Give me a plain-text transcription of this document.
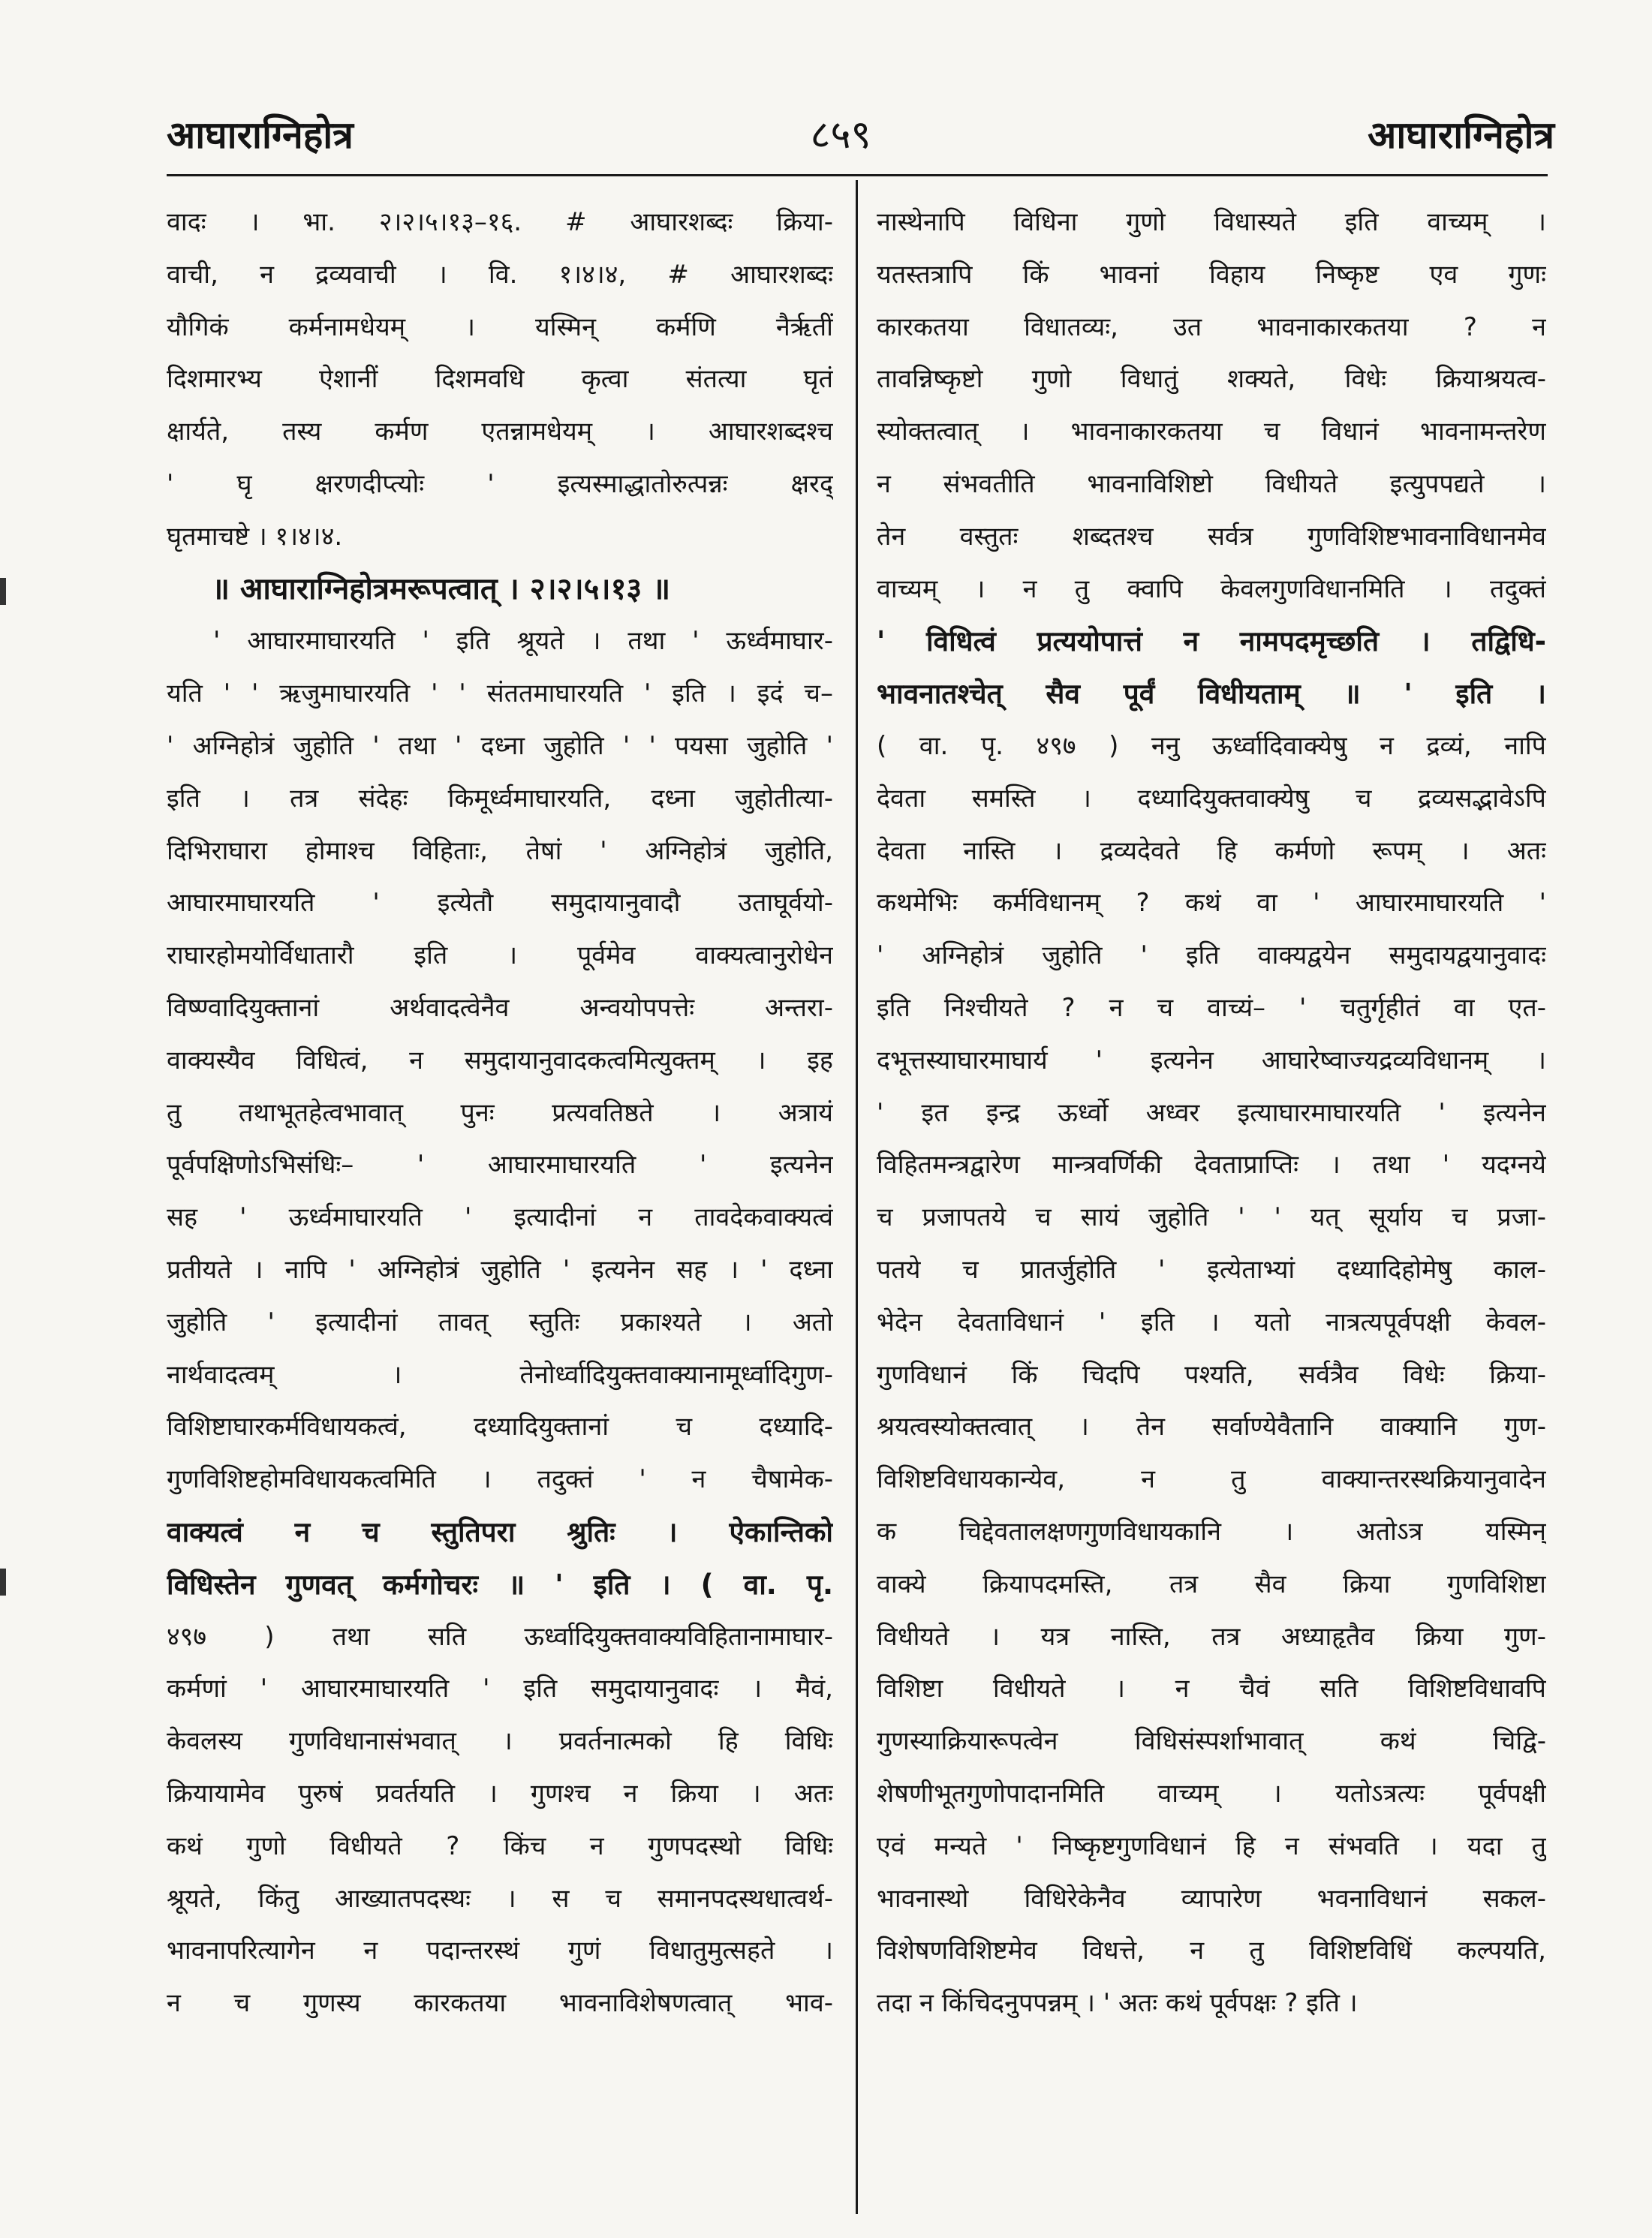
आघाराग्निहोत्र	८५९	आघाराग्निहोत्र
वादः । भा. २।२।५।१३–१६. # आघारशब्दः क्रिया-
वाची, न द्रव्यवाची । वि. १।४।४, # आघारशब्दः
यौगिकं कर्मनामधेयम् । यस्मिन् कर्मणि नैर्ऋतीं
दिशमारभ्य ऐशानीं दिशमवधि कृत्वा संतत्या घृतं
क्षार्यते, तस्य कर्मण एतन्नामधेयम् । आघारशब्दश्च
' घृ क्षरणदीप्त्योः ' इत्यस्माद्धातोरुत्पन्नः क्षरद्
घृतमाचष्टे । १।४।४.
॥ आघाराग्निहोत्रमरूपत्वात् । २।२।५।१३ ॥
' आघारमाघारयति ' इति श्रूयते । तथा ' ऊर्ध्वमाघार-
यति ' ' ऋजुमाघारयति ' ' संततमाघारयति ' इति । इदं च–
' अग्निहोत्रं जुहोति ' तथा ' दध्ना जुहोति ' ' पयसा जुहोति '
इति । तत्र संदेहः किमूर्ध्वमाघारयति, दध्ना जुहोतीत्या-
दिभिराघारा होमाश्च विहिताः, तेषां ' अग्निहोत्रं जुहोति,
आघारमाघारयति ' इत्येतौ समुदायानुवादौ उताघूर्वयो-
राघारहोमयोर्विधातारौ इति । पूर्वमेव वाक्यत्वानुरोधेन
विष्ण्वादियुक्तानां अर्थवादत्वेनैव अन्वयोपपत्तेः अन्तरा-
वाक्यस्यैव विधित्वं, न समुदायानुवादकत्वमित्युक्तम् । इह
तु तथाभूतहेत्वभावात् पुनः प्रत्यवतिष्ठते । अत्रायं
पूर्वपक्षिणोऽभिसंधिः– ' आघारमाघारयति ' इत्यनेन
सह ' ऊर्ध्वमाघारयति ' इत्यादीनां न तावदेकवाक्यत्वं
प्रतीयते । नापि ' अग्निहोत्रं जुहोति ' इत्यनेन सह । ' दध्ना
जुहोति ' इत्यादीनां तावत् स्तुतिः प्रकाश्यते । अतो
नार्थवादत्वम् । तेनोर्ध्वादियुक्तवाक्यानामूर्ध्वादिगुण-
विशिष्टाघारकर्मविधायकत्वं, दध्यादियुक्तानां च दध्यादि-
गुणविशिष्टहोमविधायकत्वमिति । तदुक्तं ' न चैषामेक-
वाक्यत्वं न च स्तुतिपरा श्रुतिः । ऐकान्तिको
विधिस्तेन गुणवत् कर्मगोचरः ॥ ' इति । ( वा. पृ.
४९७ ) तथा सति ऊर्ध्वादियुक्तवाक्यविहितानामाघार-
कर्मणां ' आघारमाघारयति ' इति समुदायानुवादः । मैवं,
केवलस्य गुणविधानासंभवात् । प्रवर्तनात्मको हि विधिः
क्रियायामेव पुरुषं प्रवर्तयति । गुणश्च न क्रिया । अतः
कथं गुणो विधीयते ? किंच न गुणपदस्थो विधिः
श्रूयते, किंतु आख्यातपदस्थः । स च समानपदस्थधात्वर्थ-
भावनापरित्यागेन न पदान्तरस्थं गुणं विधातुमुत्सहते ।
न च गुणस्य कारकतया भावनाविशेषणत्वात् भाव-
नास्थेनापि विधिना गुणो विधास्यते इति वाच्यम् ।
यतस्तत्रापि किं भावनां विहाय निष्कृष्ट एव गुणः
कारकतया विधातव्यः, उत भावनाकारकतया ? न
तावन्निष्कृष्टो गुणो विधातुं शक्यते, विधेः क्रियाश्रयत्व-
स्योक्तत्वात् । भावनाकारकतया च विधानं भावनामन्तरेण
न संभवतीति भावनाविशिष्टो विधीयते इत्युपपद्यते ।
तेन वस्तुतः शब्दतश्च सर्वत्र गुणविशिष्टभावनाविधानमेव
वाच्यम् । न तु क्वापि केवलगुणविधानमिति । तदुक्तं
' विधित्वं प्रत्ययोपात्तं न नामपदमृच्छति । तद्विधि-
भावनातश्चेत् सैव पूर्वं विधीयताम् ॥ ' इति ।
( वा. पृ. ४९७ ) ननु ऊर्ध्वादिवाक्येषु न द्रव्यं, नापि
देवता समस्ति । दध्यादियुक्तवाक्येषु च द्रव्यसद्भावेऽपि
देवता नास्ति । द्रव्यदेवते हि कर्मणो रूपम् । अतः
कथमेभिः कर्मविधानम् ? कथं वा ' आघारमाघारयति '
' अग्निहोत्रं जुहोति ' इति वाक्यद्वयेन समुदायद्वयानुवादः
इति निश्चीयते ? न च वाच्यं– ' चतुर्गृहीतं वा एत-
दभूत्तस्याघारमाघार्य ' इत्यनेन आघारेष्वाज्यद्रव्यविधानम् ।
' इत इन्द्र ऊर्ध्वो अध्वर इत्याघारमाघारयति ' इत्यनेन
विहितमन्त्रद्वारेण मान्त्रवर्णिकी देवताप्राप्तिः । तथा ' यदग्नये
च प्रजापतये च सायं जुहोति ' ' यत् सूर्याय च प्रजा-
पतये च प्रातर्जुहोति ' इत्येताभ्यां दध्यादिहोमेषु काल-
भेदेन देवताविधानं ' इति । यतो नात्रत्यपूर्वपक्षी केवल-
गुणविधानं किं चिदपि पश्यति, सर्वत्रैव विधेः क्रिया-
श्रयत्वस्योक्तत्वात् । तेन सर्वाण्येवैतानि वाक्यानि गुण-
विशिष्टविधायकान्येव, न तु वाक्यान्तरस्थक्रियानुवादेन
क चिद्देवतालक्षणगुणविधायकानि । अतोऽत्र यस्मिन्
वाक्ये क्रियापदमस्ति, तत्र सैव क्रिया गुणविशिष्टा
विधीयते । यत्र नास्ति, तत्र अध्याहृतैव क्रिया गुण-
विशिष्टा विधीयते । न चैवं सति विशिष्टविधावपि
गुणस्याक्रियारूपत्वेन विधिसंस्पर्शाभावात् कथं चिद्वि-
शेषणीभूतगुणोपादानमिति वाच्यम् । यतोऽत्रत्यः पूर्वपक्षी
एवं मन्यते ' निष्कृष्टगुणविधानं हि न संभवति । यदा तु
भावनास्थो विधिरेकेनैव व्यापारेण भवनाविधानं सकल-
विशेषणविशिष्टमेव विधत्ते, न तु विशिष्टविधिं कल्पयति,
तदा न किंचिदनुपपन्नम् । ' अतः कथं पूर्वपक्षः ? इति ।
